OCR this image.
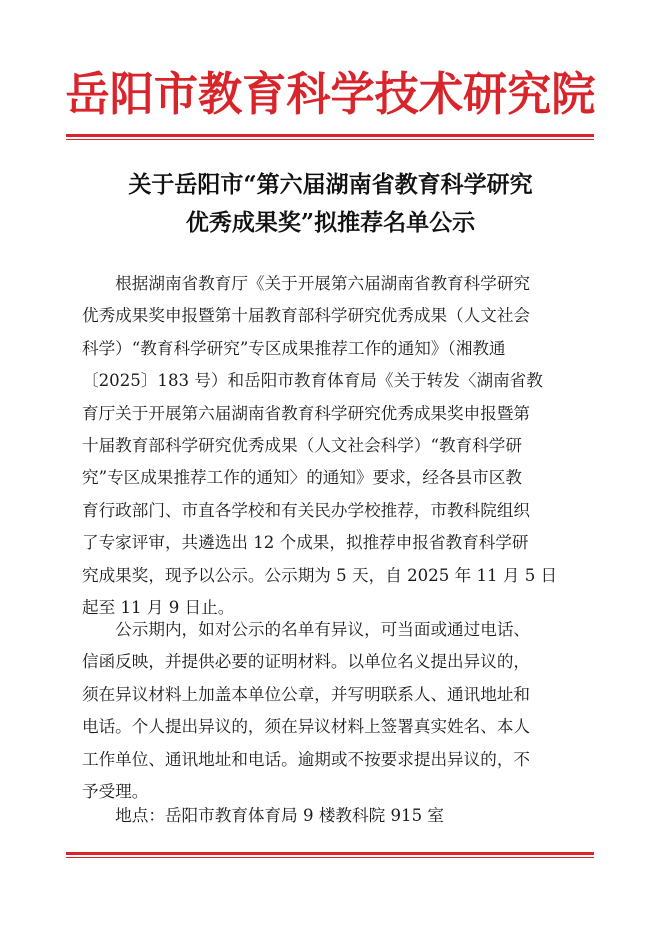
岳阳市教育科学技术研究院
关于岳阳市“第六届湖南省教育科学研究
优秀成果奖”拟推荐名单公示
　　根据湖南省教育厅《关于开展第六届湖南省教育科学研究
优秀成果奖申报暨第十届教育部科学研究优秀成果（人文社会
科学）“教育科学研究”专区成果推荐工作的通知》（湘教通
〔2025〕183 号）和岳阳市教育体育局《关于转发〈湖南省教
育厅关于开展第六届湖南省教育科学研究优秀成果奖申报暨第
十届教育部科学研究优秀成果（人文社会科学）“教育科学研
究”专区成果推荐工作的通知〉的通知》要求，经各县市区教
育行政部门、市直各学校和有关民办学校推荐，市教科院组织
了专家评审，共遴选出 12 个成果，拟推荐申报省教育科学研
究成果奖，现予以公示。公示期为 5 天，自 2025 年 11 月 5 日
起至 11 月 9 日止。
　　公示期内，如对公示的名单有异议，可当面或通过电话、
信函反映，并提供必要的证明材料。以单位名义提出异议的，
须在异议材料上加盖本单位公章，并写明联系人、通讯地址和
电话。个人提出异议的，须在异议材料上签署真实姓名、本人
工作单位、通讯地址和电话。逾期或不按要求提出异议的，不
予受理。
　　地点：岳阳市教育体育局 9 楼教科院 915 室
